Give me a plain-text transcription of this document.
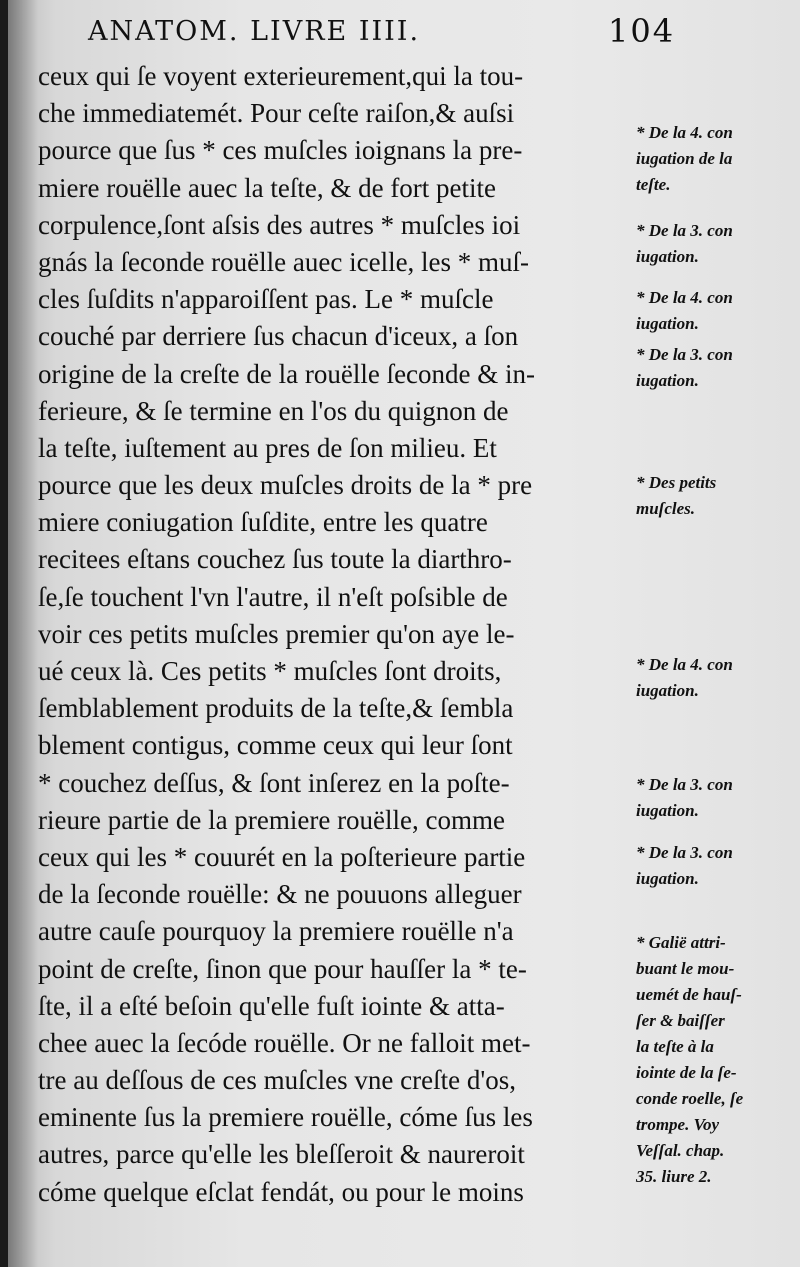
ANATOM. LIVRE IIII.	104
ceux qui ſe voyent exterieurement,qui la tou-
che immediatemét. Pour ceſte raiſon,& auſsi
pource que ſus * ces muſcles ioignans la pre-
miere rouëlle auec la teſte, & de fort petite
corpulence,ſont aſsis des autres * muſcles ioi
gnás la ſeconde rouëlle auec icelle, les * muſ-
cles ſuſdits n'apparoiſſent pas. Le * muſcle
couché par derriere ſus chacun d'iceux, a ſon
origine de la creſte de la rouëlle ſeconde & in-
ferieure, & ſe termine en l'os du quignon de
la teſte, iuſtement au pres de ſon milieu. Et
pource que les deux muſcles droits de la * pre
miere coniugation ſuſdite, entre les quatre
recitees eſtans couchez ſus toute la diarthro-
ſe,ſe touchent l'vn l'autre, il n'eſt poſsible de
voir ces petits muſcles premier qu'on aye le-
ué ceux là. Ces petits * muſcles ſont droits,
ſemblablement produits de la teſte,& ſembla
blement contigus, comme ceux qui leur ſont
* couchez deſſus, & ſont inſerez en la poſte-
rieure partie de la premiere rouëlle, comme
ceux qui les * couurét en la poſterieure partie
de la ſeconde rouëlle: & ne pouuons alleguer
autre cauſe pourquoy la premiere rouëlle n'a
point de creſte, ſinon que pour hauſſer la * te-
ſte, il a eſté beſoin qu'elle fuſt iointe & atta-
chee auec la ſecóde rouëlle. Or ne falloit met-
tre au deſſous de ces muſcles vne creſte d'os,
eminente ſus la premiere rouëlle, cóme ſus les
autres, parce qu'elle les bleſſeroit & naureroit
cóme quelque eſclat fendát, ou pour le moins
* De la 4. con
iugation de la
teſte.
* De la 3. con
iugation.
* De la 4. con
iugation.
* De la 3. con
iugation.
* Des petits
muſcles.
* De la 4. con
iugation.
* De la 3. con
iugation.
* De la 3. con
iugation.
* Galië attri-
buant le mou-
uemét de hauſ-
ſer & baiſſer
la teſte à la
iointe de la ſe-
conde roelle, ſe
trompe. Voy
Veſſal. chap.
35. liure 2.
